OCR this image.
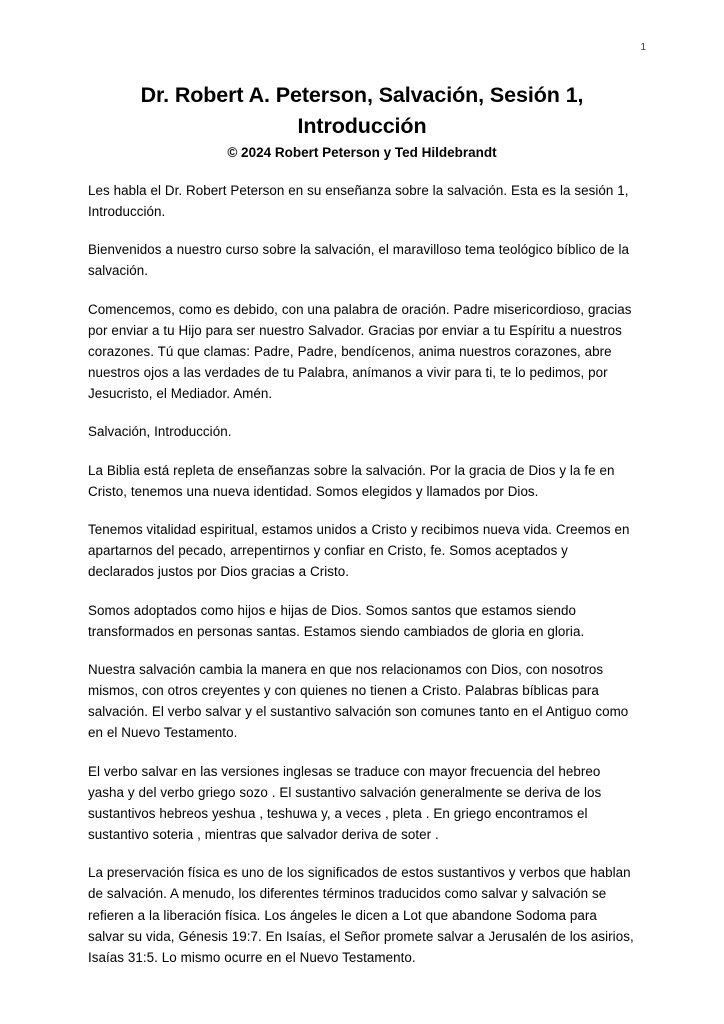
1
Dr. Robert A. Peterson, Salvación, Sesión 1, Introducción

© 2024 Robert Peterson y Ted Hildebrandt

Les habla el Dr. Robert Peterson en su enseñanza sobre la salvación. Esta es la sesión 1, Introducción.

Bienvenidos a nuestro curso sobre la salvación, el maravilloso tema teológico bíblico de la salvación.

Comencemos, como es debido, con una palabra de oración. Padre misericordioso, gracias por enviar a tu Hijo para ser nuestro Salvador. Gracias por enviar a tu Espíritu a nuestros corazones. Tú que clamas: Padre, Padre, bendícenos, anima nuestros corazones, abre nuestros ojos a las verdades de tu Palabra, anímanos a vivir para ti, te lo pedimos, por Jesucristo, el Mediador. Amén.

Salvación, Introducción.

La Biblia está repleta de enseñanzas sobre la salvación. Por la gracia de Dios y la fe en Cristo, tenemos una nueva identidad. Somos elegidos y llamados por Dios.

Tenemos vitalidad espiritual, estamos unidos a Cristo y recibimos nueva vida. Creemos en apartarnos del pecado, arrepentirnos y confiar en Cristo, fe. Somos aceptados y declarados justos por Dios gracias a Cristo.

Somos adoptados como hijos e hijas de Dios. Somos santos que estamos siendo transformados en personas santas. Estamos siendo cambiados de gloria en gloria.

Nuestra salvación cambia la manera en que nos relacionamos con Dios, con nosotros mismos, con otros creyentes y con quienes no tienen a Cristo. Palabras bíblicas para salvación. El verbo salvar y el sustantivo salvación son comunes tanto en el Antiguo como en el Nuevo Testamento.

El verbo salvar en las versiones inglesas se traduce con mayor frecuencia del hebreo yasha y del verbo griego sozo . El sustantivo salvación generalmente se deriva de los sustantivos hebreos yeshua , teshuwa y, a veces , pleta . En griego encontramos el sustantivo soteria , mientras que salvador deriva de soter .

La preservación física es uno de los significados de estos sustantivos y verbos que hablan de salvación. A menudo, los diferentes términos traducidos como salvar y salvación se refieren a la liberación física. Los ángeles le dicen a Lot que abandone Sodoma para salvar su vida, Génesis 19:7. En Isaías, el Señor promete salvar a Jerusalén de los asirios, Isaías 31:5. Lo mismo ocurre en el Nuevo Testamento.
